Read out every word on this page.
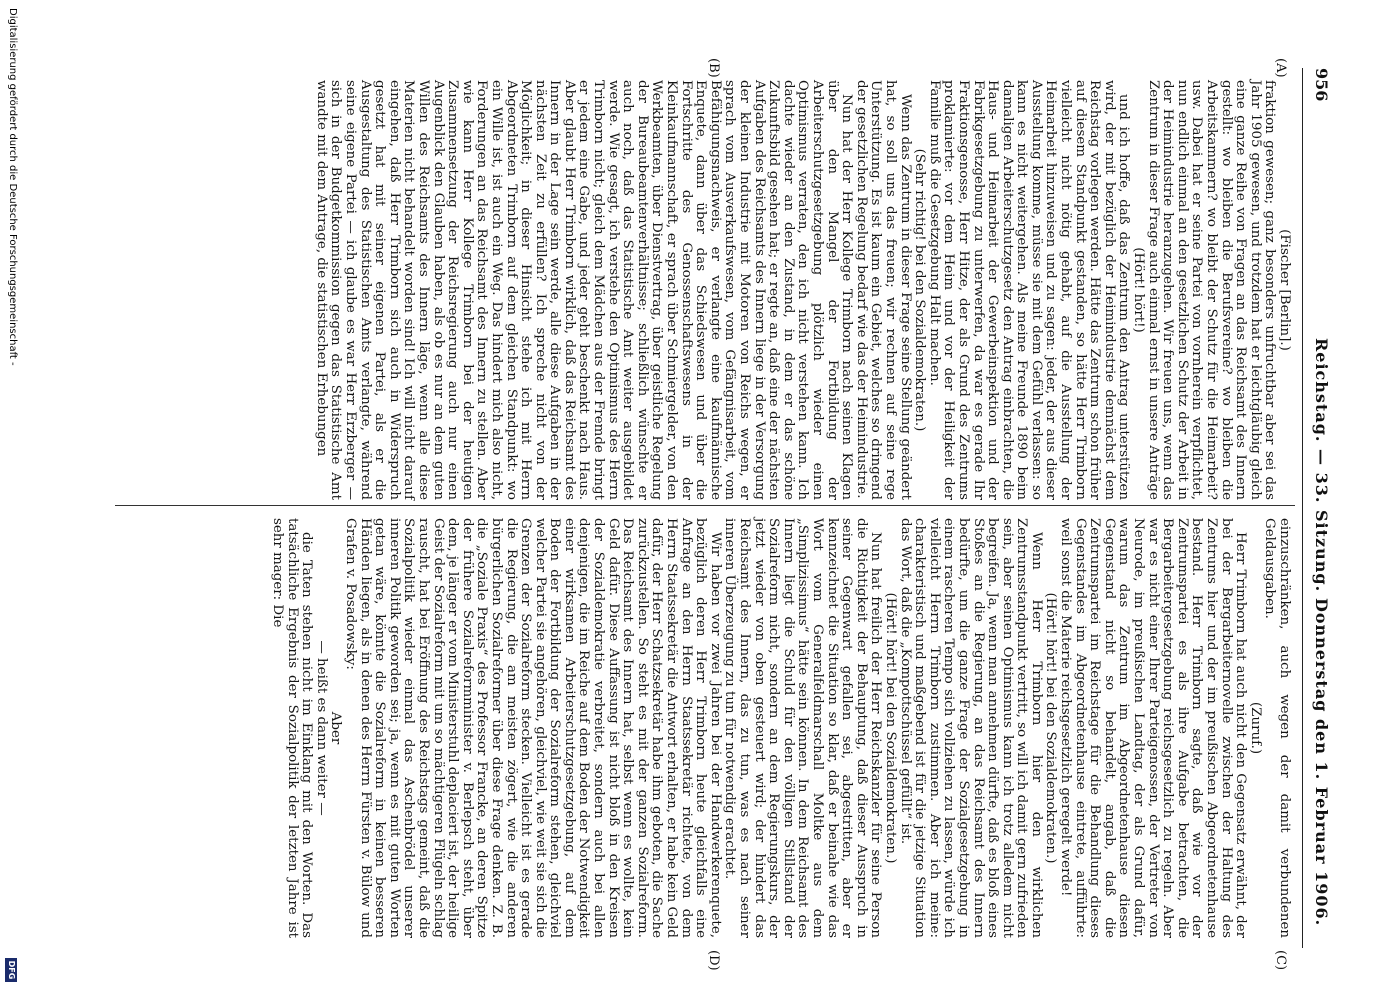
956
Reichstag. — 33. Sitzung.
Donnerstag den 1. Februar 1906.
(A)
(B)
(C)
(D)

(Fischer [Berlin].)

fraktion gewesen; ganz besonders unfruchtbar aber sei das Jahr 1905 gewesen, und trotzdem hat er leichtgläubig gleich eine ganze Reihe von Fragen an das Reichsamt des Innern gestellt: wo bleiben die Berufsvereine? wo bleiben die Arbeitskammern? wo bleibt der Schutz für die Heimarbeit? usw. Dabei hat er seine Partei von vornherein verpflichtet, nun endlich einmal an den gesetzlichen Schutz der Arbeit in der Heimindustrie heranzugehen. Wir freuen uns, wenn das Zentrum in dieser Frage auch einmal ernst in unsere Anträge

(Hört! hört!)

und ich hoffe, daß das Zentrum den Antrag unterstützen wird, der mit bezüglich der Heimindustrie demnächst dem Reichstag vorlegen werden. Hätte das Zentrum schon früher auf diesem Standpunkt gestanden, so hätte Herr Trimborn vielleicht nicht nötig gehabt, auf die Ausstellung der Heimarbeit hinzuweisen und zu sagen: jeder, der aus dieser Ausstellung komme, müsse sie mit dem Gefühl verlassen: so kann es nicht weitergehen. Als meine Freunde 1890 beim damaligen Arbeiterschutzgesetz den Antrag einbrachten, die Haus- und Heimarbeit der Gewerbeinspektion und der Fabrikgesetzgebung zu unterwerfen, da war es gerade Ihr Fraktionsgenosse, Herr Hitze, der als Grund des Zentrums proklamierte: vor dem Heim und vor der Heiligkeit der Familie muß die Gesetzgebung Halt machen.

(Sehr richtig! bei den Sozialdemokraten.)

Wenn das Zentrum in dieser Frage seine Stellung geändert hat, so soll uns das freuen; wir rechnen auf seine rege Unterstützung. Es ist kaum ein Gebiet, welches so dringend der gesetzlichen Regelung bedarf wie das der Heimindustrie.

Nun hat der Herr Kollege Trimborn nach seinen Klagen über den Mangel der Fortbildung der Arbeiterschutzgesetzgebung plötzlich wieder einen Optimismus verraten, den ich nicht verstehen kann. Ich dachte wieder an den Zustand, in dem er das schöne Zukunftsbild gesehen hat; er regte an, daß eine der nächsten Aufgaben des Reichsamts des Innern liege in der Versorgung der kleinen Industrie mit Motoren von Reichs wegen, er sprach vom Ausverkaufswesen, vom Gefängnisarbeit, vom Befähigungsnachweis, er verlangte eine kaufmännische Enquete, dann über das Schiedswesen und über die Fortschritte des Genossenschaftswesens in der Kleinkaufmannschaft, er sprach über Schmiergelder, von den Werkbeamten, über Dienstvertrag, über geistliche Regelung der Bureaubeamtenverhältnisse; schließlich wünschte er auch noch, daß das Statistische Amt weiter ausgebildet werde. Wie gesagt, ich verstehe den Optimismus des Herrn Trimborn nicht; gleich dem Mädchen aus der Fremde bringt er jedem eine Gabe, und jeder geht beschenkt nach Haus. Aber glaubt Herr Trimborn wirklich, daß das Reichsamt des Innern in der Lage sein werde, alle diese Aufgaben in der nächsten Zeit zu erfüllen? Ich spreche nicht von der Möglichkeit; in dieser Hinsicht stehe ich mit Herrn Abgeordneten Trimborn auf dem gleichen Standpunkt: wo ein Wille ist, ist auch ein Weg. Das hindert mich also nicht, Forderungen an das Reichsamt des Innern zu stellen. Aber wie kann Herr Kollege Trimborn bei der heutigen Zusammensetzung der Reichsregierung auch nur einen Augenblick den Glauben haben, als ob es nur an dem guten Willen des Reichsamts des Innern läge, wenn alle diese Materien nicht behandelt worden sind! Ich will nicht darauf eingehen, daß Herr Trimborn sich auch in Widerspruch gesetzt hat mit seiner eigenen Partei, als er die Ausgestaltung des Statistischen Amts verlangte, während seine eigene Partei — ich glaube es war Herr Erzberger — sich in der Budgetkommission gegen das Statistische Amt wandte mit dem Antrage, die statistischen Erhebungen

einzuschränken, auch wegen der damit verbundenen Geldausgaben.

(Zuruf.)

Herr Trimborn hat auch nicht den Gegensatz erwähnt, der bei der Bergarbeiternovelle zwischen der Haltung des Zentrums hier und der im preußischen Abgeordnetenhause bestand. Herr Trimborn sagte, daß wie vor der Zentrumspartei es als ihre Aufgabe betrachten, die Bergarbeitergesetzgebung reichsgesetzlich zu regeln. Aber war es nicht einer Ihrer Parteigenossen, der Vertreter von Neurode, im preußischen Landtag, der als Grund dafür, warum das Zentrum im Abgeordnetenhause diesen Gegenstand nicht so behandelt, angab, daß die Zentrumspartei im Reichstage für die Behandlung dieses Gegenstandes im Abgeordnetenhause eintrete, aufführte: weil sonst die Materie reichsgesetzlich geregelt werde!

(Hört! hört! bei den Sozialdemokraten.)

Wenn Herr Trimborn hier den wirklichen Zentrumsstandpunkt vertritt, so will ich damit gern zufrieden sein, aber seinen Optimismus kann ich trotz alledem nicht begreifen. Ja, wenn man annehmen dürfte, daß es bloß eines Stoßes an die Regierung, an das Reichsamt des Innern bedürfte, um die ganze Frage der Sozialgesetzgebung in einem rascheren Tempo sich vollziehen zu lassen, würde ich vielleicht Herrn Trimborn zustimmen. Aber ich meine: charakteristisch und maßgebend ist für die jetzige Situation das Wort, daß die „Kompottschüssel gefüllt“ ist.

(Hört! hört! bei den Sozialdemokraten.)

Nun hat freilich der Herr Reichskanzler für seine Person die Richtigkeit der Behauptung, daß dieser Ausspruch in seiner Gegenwart gefallen sei, abgestritten, aber er kennzeichnet die Situation so klar, daß er beinahe wie das Wort vom Generalfeldmarschall Moltke aus dem „Simplizissimus“ hätte sein können. In dem Reichsamt des Innern liegt die Schuld für den völligen Stillstand der Sozialreform nicht, sondern an dem Regierungskurs, der jetzt wieder von oben gesteuert wird; der hindert das Reichsamt des Innern, das zu tun, was es nach seiner inneren Überzeugung zu tun für notwendig erachtet.

Wir haben vor zwei Jahren bei der Handwerkerenquete, bezüglich deren Herr Trimborn heute gleichfalls eine Anfrage an den Herrn Staatssekretär richtete, von dem Herrn Staatssekretär die Antwort erhalten, er habe kein Geld dafür, der Herr Schatzsekretär habe ihm geboten, die Sache zurückzustellen. So steht es mit der ganzen Sozialreform. Das Reichsamt des Innern hat, selbst wenn es wollte, kein Geld dafür. Diese Auffassung ist nicht bloß in den Kreisen der Sozialdemokratie verbreitet, sondern auch bei allen denjenigen, die im Reiche auf dem Boden der Notwendigkeit einer wirksamen Arbeiterschutzgesetzgebung, auf dem Boden der Fortbildung der Sozialreform stehen, gleichviel welcher Partei sie angehören, gleichviel, wie weit sie sich die Grenzen der Sozialreform stecken. Vielleicht ist es gerade die Regierung, die am meisten zögert, wie die anderen bürgerlichen Sozialreformer über diese Frage denken. Z. B. die „Soziale Praxis“ des Professor Francke, an deren Spitze der frühere Sozialreformminister v. Berlepsch steht, über dem, je länger er vom Ministerstuhl deplaciert ist, der heilige Geist der Sozialreform mit um so mächtigeren Flügeln schlag rauscht, hat bei Eröffnung des Reichstags gemeint, daß die Sozialpolitik wieder einmal das Aschenbrödel unserer inneren Politik geworden sei; ja, wenn es mit guten Worten getan wäre, könnte die Sozialreform in keinen besseren Händen liegen, als in denen des Herrn Fürsten v. Bülow und Grafen v. Posadowsky:

Aber

— heißt es dann weiter —

die Taten stehen nicht im Einklang mit den Worten. Das tatsächliche Ergebnis der Sozialpolitik der letzten Jahre ist sehr mager: Die

Digitalisierung gefördert durch die Deutsche Forschungsgemeinschaft -
DFG
